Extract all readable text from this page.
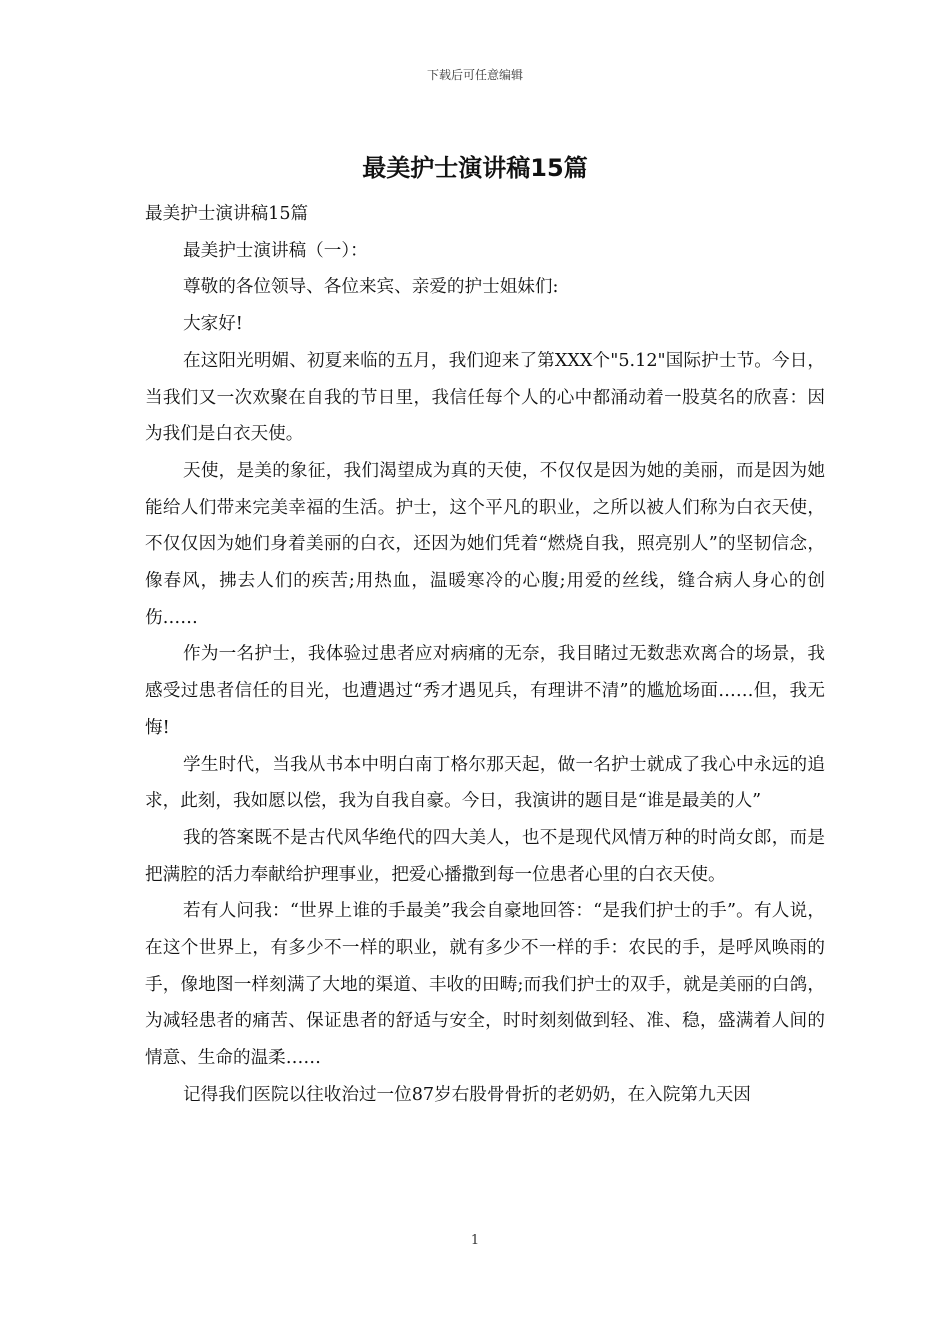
下载后可任意编辑
最美护士演讲稿15篇

最美护士演讲稿15篇

最美护士演讲稿（一）：

尊敬的各位领导、各位来宾、亲爱的护士姐妹们:

大家好!

在这阳光明媚、初夏来临的五月，我们迎来了第XXX个"5.12"国际护士节。今日，当我们又一次欢聚在自我的节日里，我信任每个人的心中都涌动着一股莫名的欣喜：因为我们是白衣天使。

天使，是美的象征，我们渴望成为真的天使，不仅仅是因为她的美丽，而是因为她能给人们带来完美幸福的生活。护士，这个平凡的职业，之所以被人们称为白衣天使，不仅仅因为她们身着美丽的白衣，还因为她们凭着“燃烧自我，照亮别人”的坚韧信念，像春风，拂去人们的疾苦;用热血，温暖寒冷的心腹;用爱的丝线，缝合病人身心的创伤……

作为一名护士，我体验过患者应对病痛的无奈，我目睹过无数悲欢离合的场景，我感受过患者信任的目光，也遭遇过“秀才遇见兵，有理讲不清”的尴尬场面……但，我无悔!

学生时代，当我从书本中明白南丁格尔那天起，做一名护士就成了我心中永远的追求，此刻，我如愿以偿，我为自我自豪。今日，我演讲的题目是“谁是最美的人”

我的答案既不是古代风华绝代的四大美人，也不是现代风情万种的时尚女郎，而是把满腔的活力奉献给护理事业，把爱心播撒到每一位患者心里的白衣天使。

若有人问我：“世界上谁的手最美”我会自豪地回答：“是我们护士的手”。有人说，在这个世界上，有多少不一样的职业，就有多少不一样的手：农民的手，是呼风唤雨的手，像地图一样刻满了大地的渠道、丰收的田畴;而我们护士的双手，就是美丽的白鸽，为减轻患者的痛苦、保证患者的舒适与安全，时时刻刻做到轻、准、稳，盛满着人间的情意、生命的温柔……

记得我们医院以往收治过一位87岁右股骨骨折的老奶奶，在入院第九天因

1
